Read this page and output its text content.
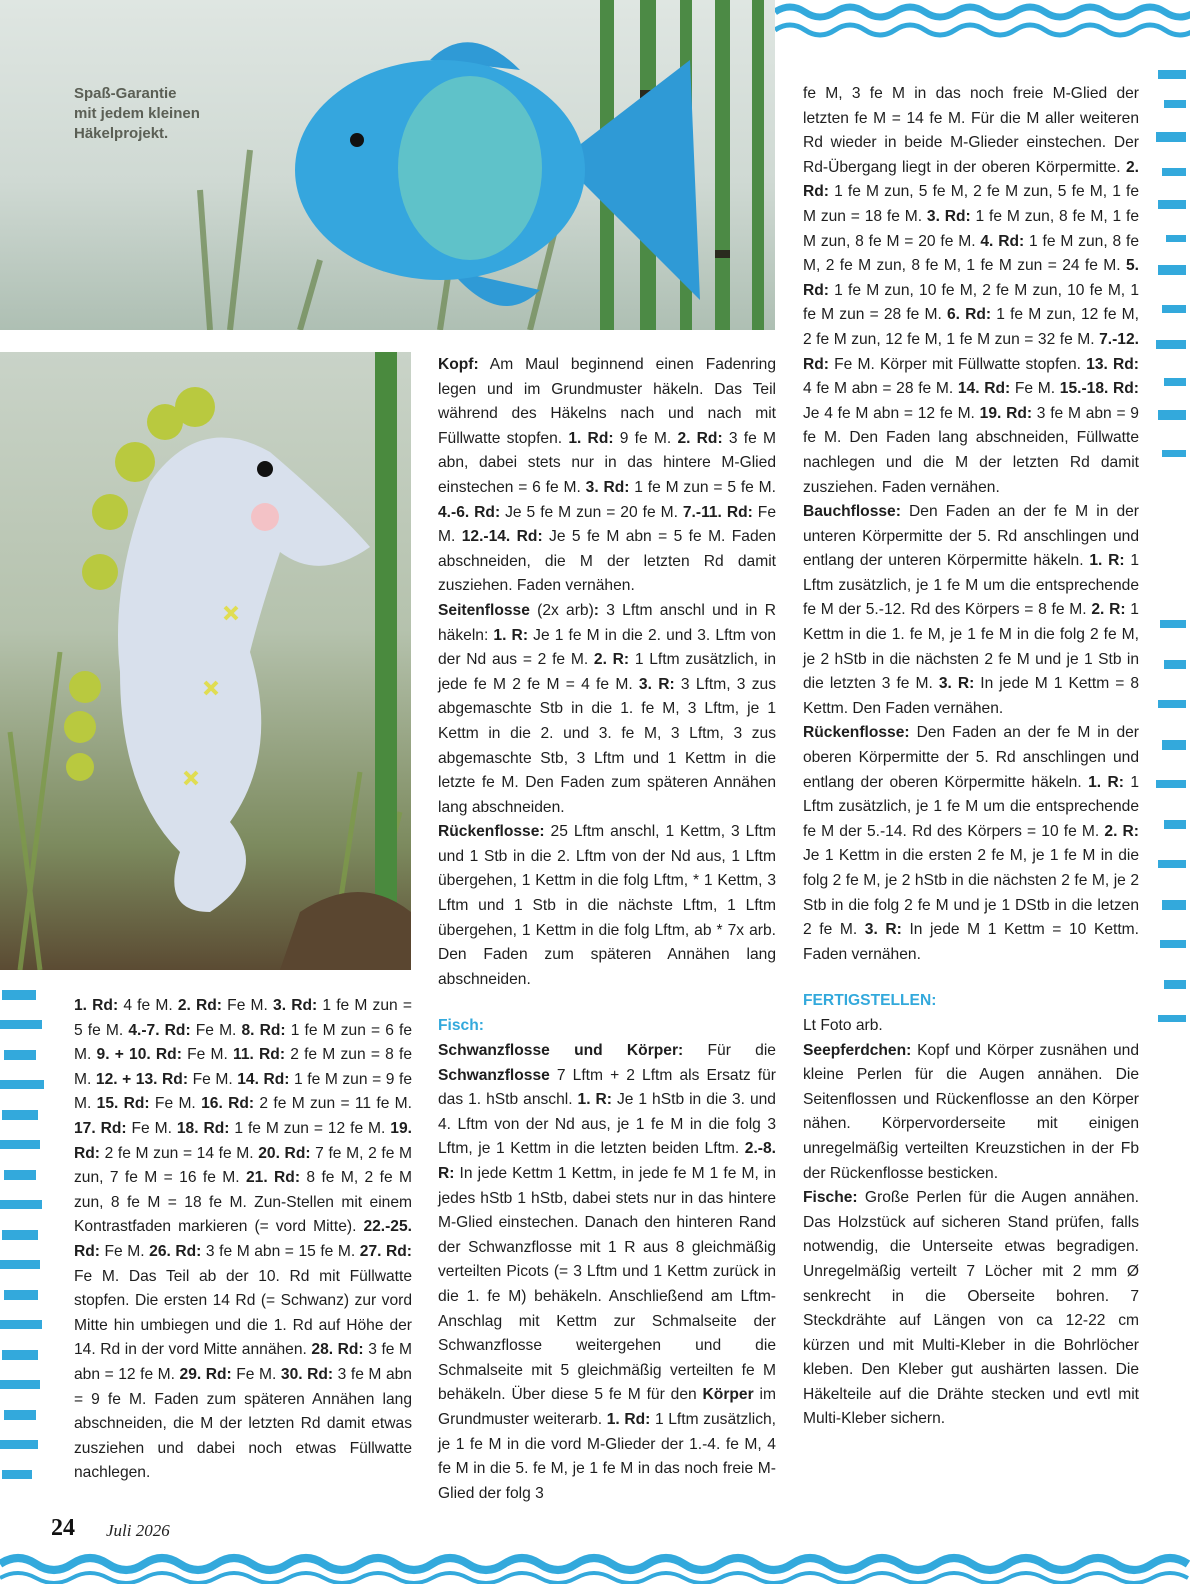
Spaß-Garantie
mit jedem kleinen
Häkelprojekt.

1. Rd: 4 fe M. 2. Rd: Fe M. 3. Rd: 1 fe M zun = 5 fe M. 4.-7. Rd: Fe M. 8. Rd: 1 fe M zun = 6 fe M. 9. + 10. Rd: Fe M. 11. Rd: 2 fe M zun = 8 fe M. 12. + 13. Rd: Fe M. 14. Rd: 1 fe M zun = 9 fe M. 15. Rd: Fe M. 16. Rd: 2 fe M zun = 11 fe M. 17. Rd: Fe M. 18. Rd: 1 fe M zun = 12 fe M. 19. Rd: 2 fe M zun = 14 fe M. 20. Rd: 7 fe M, 2 fe M zun, 7 fe M = 16 fe M. 21. Rd: 8 fe M, 2 fe M zun, 8 fe M = 18 fe M. Zun-Stellen mit einem Kontrastfaden markieren (= vord Mitte). 22.-25. Rd: Fe M. 26. Rd: 3 fe M abn = 15 fe M. 27. Rd: Fe M. Das Teil ab der 10. Rd mit Füllwatte stopfen. Die ersten 14 Rd (= Schwanz) zur vord Mitte hin umbiegen und die 1. Rd auf Höhe der 14. Rd in der vord Mitte annähen. 28. Rd: 3 fe M abn = 12 fe M. 29. Rd: Fe M. 30. Rd: 3 fe M abn = 9 fe M. Faden zum späteren Annähen lang abschneiden, die M der letzten Rd damit etwas zusziehen und dabei noch etwas Füllwatte nachlegen.

Kopf: Am Maul beginnend einen Fadenring legen und im Grundmuster häkeln. Das Teil während des Häkelns nach und nach mit Füllwatte stopfen. 1. Rd: 9 fe M. 2. Rd: 3 fe M abn, dabei stets nur in das hintere M-Glied einstechen = 6 fe M. 3. Rd: 1 fe M zun = 5 fe M. 4.-6. Rd: Je 5 fe M zun = 20 fe M. 7.-11. Rd: Fe M. 12.-14. Rd: Je 5 fe M abn = 5 fe M. Faden abschneiden, die M der letzten Rd damit zusziehen. Faden vernähen.

Seitenflosse (2x arb): 3 Lftm anschl und in R häkeln: 1. R: Je 1 fe M in die 2. und 3. Lftm von der Nd aus = 2 fe M. 2. R: 1 Lftm zusätzlich, in jede fe M 2 fe M = 4 fe M. 3. R: 3 Lftm, 3 zus abgemaschte Stb in die 1. fe M, 3 Lftm, je 1 Kettm in die 2. und 3. fe M, 3 Lftm, 3 zus abgemaschte Stb, 3 Lftm und 1 Kettm in die letzte fe M. Den Faden zum späteren Annähen lang abschneiden.

Rückenflosse: 25 Lftm anschl, 1 Kettm, 3 Lftm und 1 Stb in die 2. Lftm von der Nd aus, 1 Lftm übergehen, 1 Kettm in die folg Lftm, * 1 Kettm, 3 Lftm und 1 Stb in die nächste Lftm, 1 Lftm übergehen, 1 Kettm in die folg Lftm, ab * 7x arb. Den Faden zum späteren Annähen lang abschneiden.

Fisch:

Schwanzflosse und Körper: Für die Schwanzflosse 7 Lftm + 2 Lftm als Ersatz für das 1. hStb anschl. 1. R: Je 1 hStb in die 3. und 4. Lftm von der Nd aus, je 1 fe M in die folg 3 Lftm, je 1 Kettm in die letzten beiden Lftm. 2.-8. R: In jede Kettm 1 Kettm, in jede fe M 1 fe M, in jedes hStb 1 hStb, dabei stets nur in das hintere M-Glied einstechen. Danach den hinteren Rand der Schwanzflosse mit 1 R aus 8 gleichmäßig verteilten Picots (= 3 Lftm und 1 Kettm zurück in die 1. fe M) behäkeln. Anschließend am Lftm-Anschlag mit Kettm zur Schmalseite der Schwanzflosse weitergehen und die Schmalseite mit 5 gleichmäßig verteilten fe M behäkeln. Über diese 5 fe M für den Körper im Grundmuster weiterarb. 1. Rd: 1 Lftm zusätzlich, je 1 fe M in die vord M-Glieder der 1.-4. fe M, 4 fe M in die 5. fe M, je 1 fe M in das noch freie M-Glied der folg 3

fe M, 3 fe M in das noch freie M-Glied der letzten fe M = 14 fe M. Für die M aller weiteren Rd wieder in beide M-Glieder einstechen. Der Rd-Übergang liegt in der oberen Körpermitte. 2. Rd: 1 fe M zun, 5 fe M, 2 fe M zun, 5 fe M, 1 fe M zun = 18 fe M. 3. Rd: 1 fe M zun, 8 fe M, 1 fe M zun, 8 fe M = 20 fe M. 4. Rd: 1 fe M zun, 8 fe M, 2 fe M zun, 8 fe M, 1 fe M zun = 24 fe M. 5. Rd: 1 fe M zun, 10 fe M, 2 fe M zun, 10 fe M, 1 fe M zun = 28 fe M. 6. Rd: 1 fe M zun, 12 fe M, 2 fe M zun, 12 fe M, 1 fe M zun = 32 fe M. 7.-12. Rd: Fe M. Körper mit Füllwatte stopfen. 13. Rd: 4 fe M abn = 28 fe M. 14. Rd: Fe M. 15.-18. Rd: Je 4 fe M abn = 12 fe M. 19. Rd: 3 fe M abn = 9 fe M. Den Faden lang abschneiden, Füllwatte nachlegen und die M der letzten Rd damit zusziehen. Faden vernähen.

Bauchflosse: Den Faden an der fe M in der unteren Körpermitte der 5. Rd anschlingen und entlang der unteren Körpermitte häkeln. 1. R: 1 Lftm zusätzlich, je 1 fe M um die entsprechende fe M der 5.-12. Rd des Körpers = 8 fe M. 2. R: 1 Kettm in die 1. fe M, je 1 fe M in die folg 2 fe M, je 2 hStb in die nächsten 2 fe M und je 1 Stb in die letzten 3 fe M. 3. R: In jede M 1 Kettm = 8 Kettm. Den Faden vernähen.

Rückenflosse: Den Faden an der fe M in der oberen Körpermitte der 5. Rd anschlingen und entlang der oberen Körpermitte häkeln. 1. R: 1 Lftm zusätzlich, je 1 fe M um die entsprechende fe M der 5.-14. Rd des Körpers = 10 fe M. 2. R: Je 1 Kettm in die ersten 2 fe M, je 1 fe M in die folg 2 fe M, je 2 hStb in die nächsten 2 fe M, je 2 Stb in die folg 2 fe M und je 1 DStb in die letzen 2 fe M. 3. R: In jede M 1 Kettm = 10 Kettm. Faden vernähen.

FERTIGSTELLEN:

Lt Foto arb.

Seepferdchen: Kopf und Körper zusnähen und kleine Perlen für die Augen annähen. Die Seitenflossen und Rückenflosse an den Körper nähen. Körpervorderseite mit einigen unregelmäßig verteilten Kreuzstichen in der Fb der Rückenflosse besticken.

Fische: Große Perlen für die Augen annähen. Das Holzstück auf sicheren Stand prüfen, falls notwendig, die Unterseite etwas begradigen. Unregelmäßig verteilt 7 Löcher mit 2 mm Ø senkrecht in die Oberseite bohren. 7 Steckdrähte auf Längen von ca 12-22 cm kürzen und mit Multi-Kleber in die Bohrlöcher kleben. Den Kleber gut aushärten lassen. Die Häkelteile auf die Drähte stecken und evtl mit Multi-Kleber sichern.

24 Juli 2026
